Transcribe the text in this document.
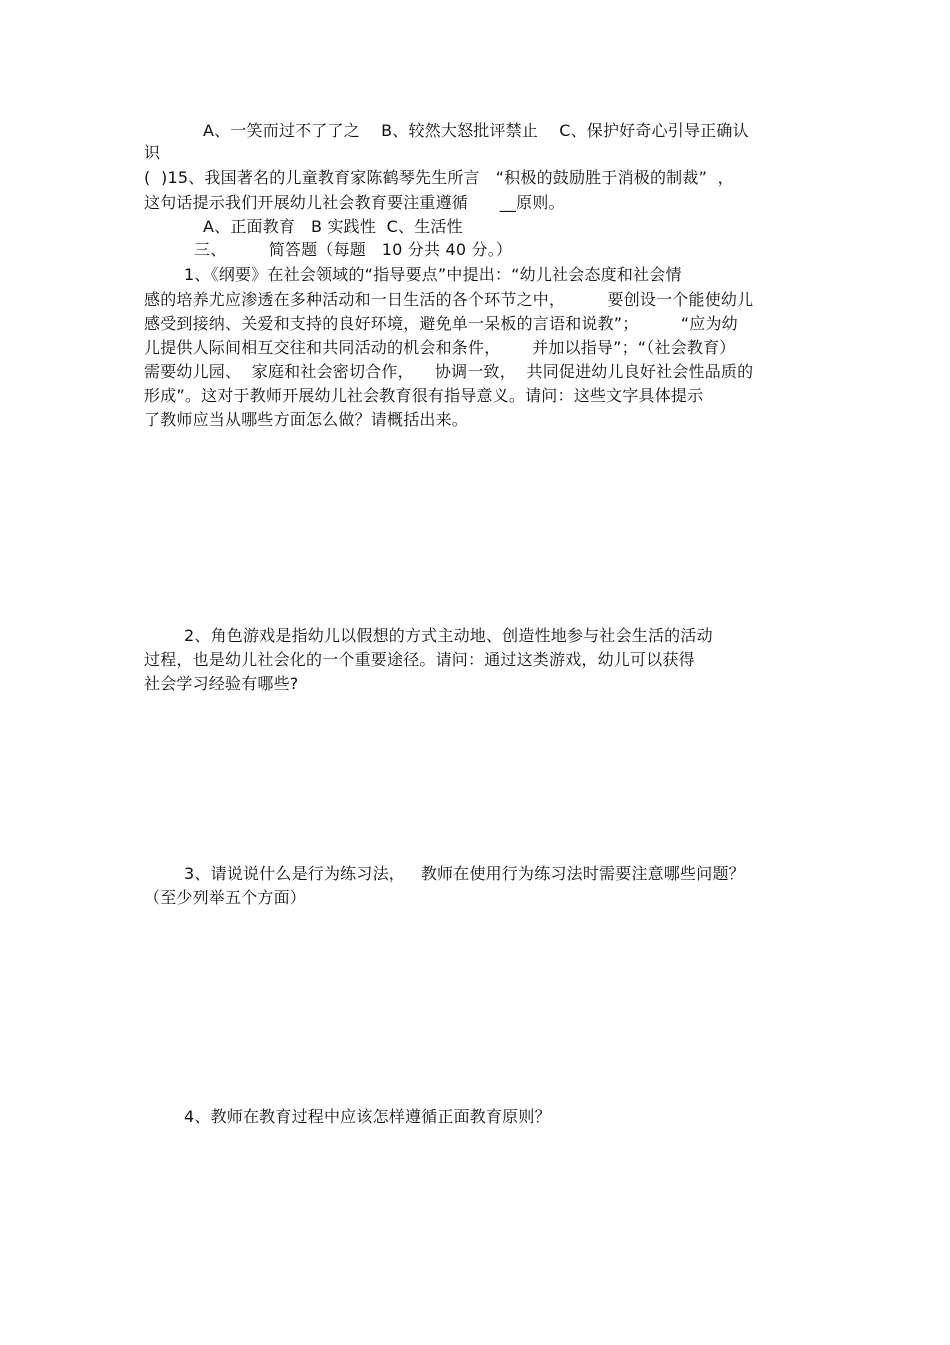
A、一笑而过不了了之    B、较然大怒批评禁止    C、保护好奇心引导正确认
识
(  )15、我国著名的儿童教育家陈鹤琴先生所言   “积极的鼓励胜于消极的制裁”  ，
这句话提示我们开展幼儿社会教育要注重遵循      __原则。
A、正面教育   B 实践性  C、生活性
三、        简答题（每题   10 分共 40 分。）
1、《纲要》在社会领域的“指导要点”中提出：“幼儿社会态度和社会情
感的培养尤应渗透在多种活动和一日生活的各个环节之中，        要创设一个能使幼儿
感受到接纳、关爱和支持的良好环境，避免单一呆板的言语和说教”；        “应为幼
儿提供人际间相互交往和共同活动的机会和条件，      并加以指导”；“（社会教育）
需要幼儿园、  家庭和社会密切合作，    协调一致，  共同促进幼儿良好社会性品质的
形成”。这对于教师开展幼儿社会教育很有指导意义。请问：这些文字具体提示
了教师应当从哪些方面怎么做？请概括出来。
2、角色游戏是指幼儿以假想的方式主动地、创造性地参与社会生活的活动
过程，也是幼儿社会化的一个重要途径。请问：通过这类游戏，幼儿可以获得
社会学习经验有哪些?
3、请说说什么是行为练习法，   教师在使用行为练习法时需要注意哪些问题？
（至少列举五个方面）
4、教师在教育过程中应该怎样遵循正面教育原则？
